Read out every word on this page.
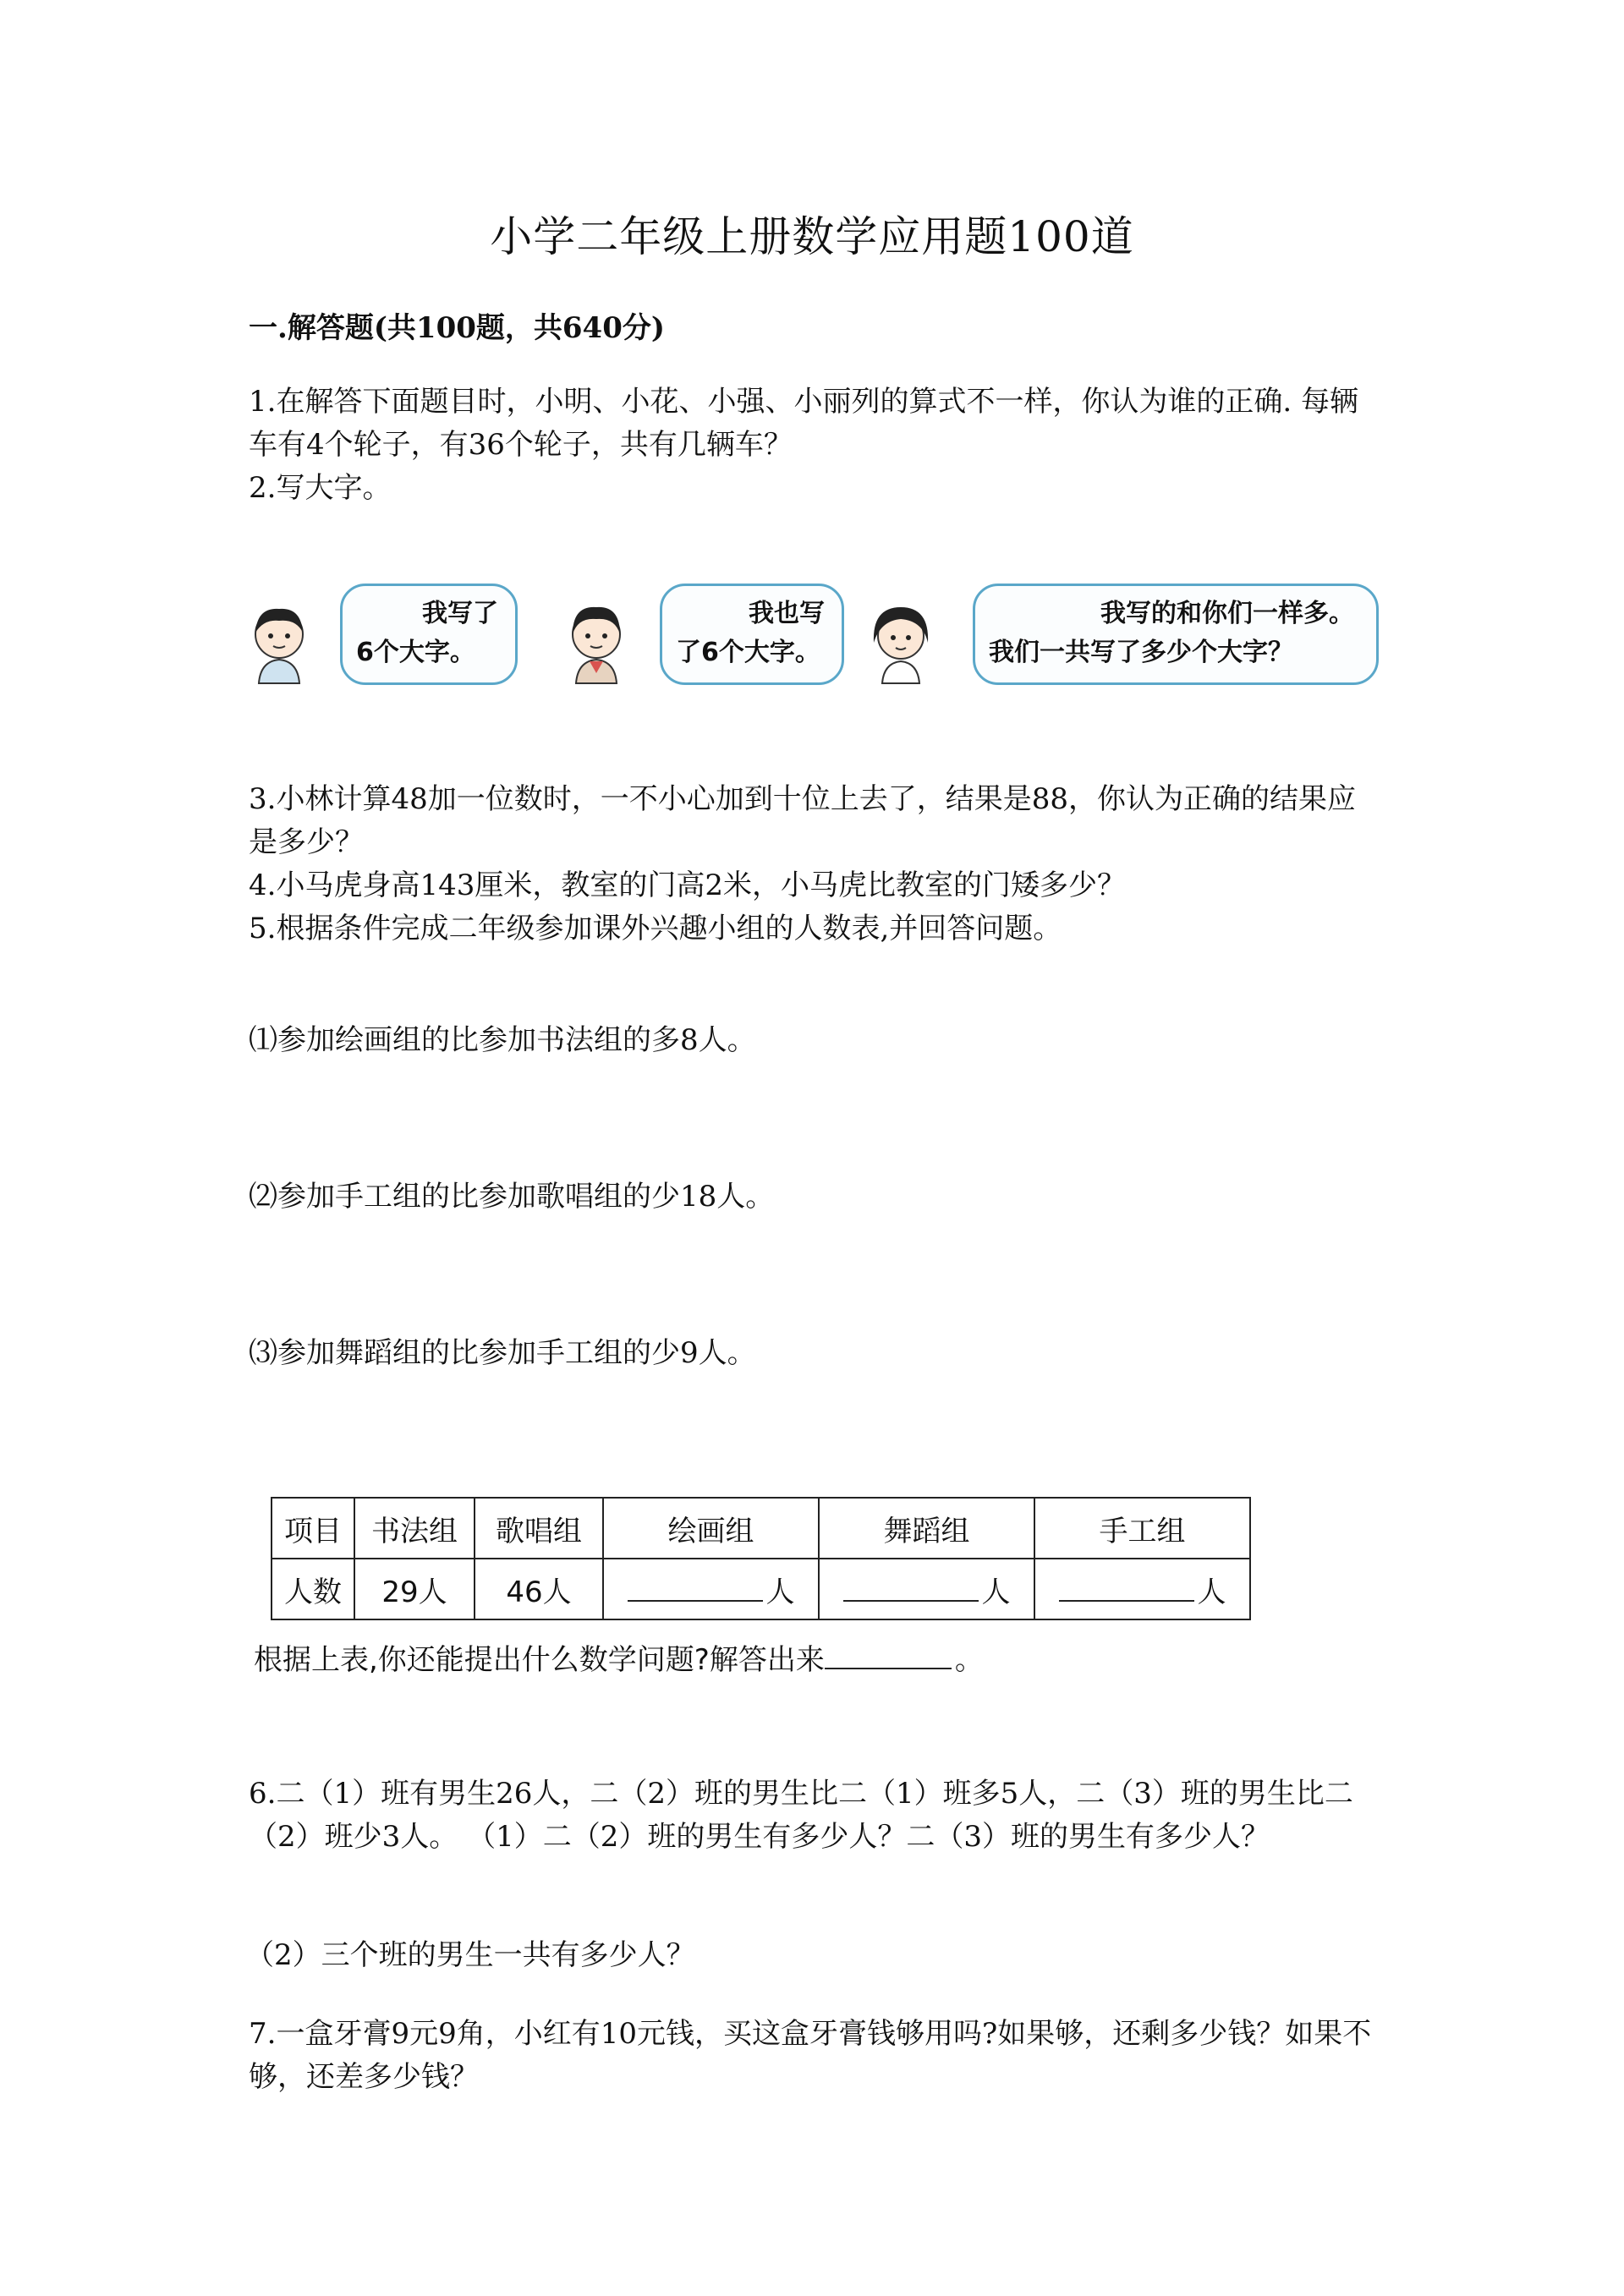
小学二年级上册数学应用题100道
一.解答题(共100题，共640分)
1.在解答下面题目时，小明、小花、小强、小丽列的算式不一样，你认为谁的正确. 每辆车有4个轮子，有36个轮子，共有几辆车？
2.写大字。
我写了
6个大字。
我也写
了6个大字。
我写的和你们一样多。
我们一共写了多少个大字？
3.小林计算48加一位数时，一不小心加到十位上去了，结果是88，你认为正确的结果应是多少？
4.小马虎身高143厘米，教室的门高2米，小马虎比教室的门矮多少？
5.根据条件完成二年级参加课外兴趣小组的人数表,并回答问题。
⑴参加绘画组的比参加书法组的多8人。
⑵参加手工组的比参加歌唱组的少18人。
⑶参加舞蹈组的比参加手工组的少9人。
项目	书法组	歌唱组	绘画组	舞蹈组	手工组
人数	29人	46人	人	人	人
根据上表,你还能提出什么数学问题?解答出来	。
6.二（1）班有男生26人，二（2）班的男生比二（1）班多5人，二（3）班的男生比二（2）班少3人。 （1）二（2）班的男生有多少人？二（3）班的男生有多少人？
（2）三个班的男生一共有多少人？
7.一盒牙膏9元9角，小红有10元钱，买这盒牙膏钱够用吗?如果够，还剩多少钱？如果不够，还差多少钱？
